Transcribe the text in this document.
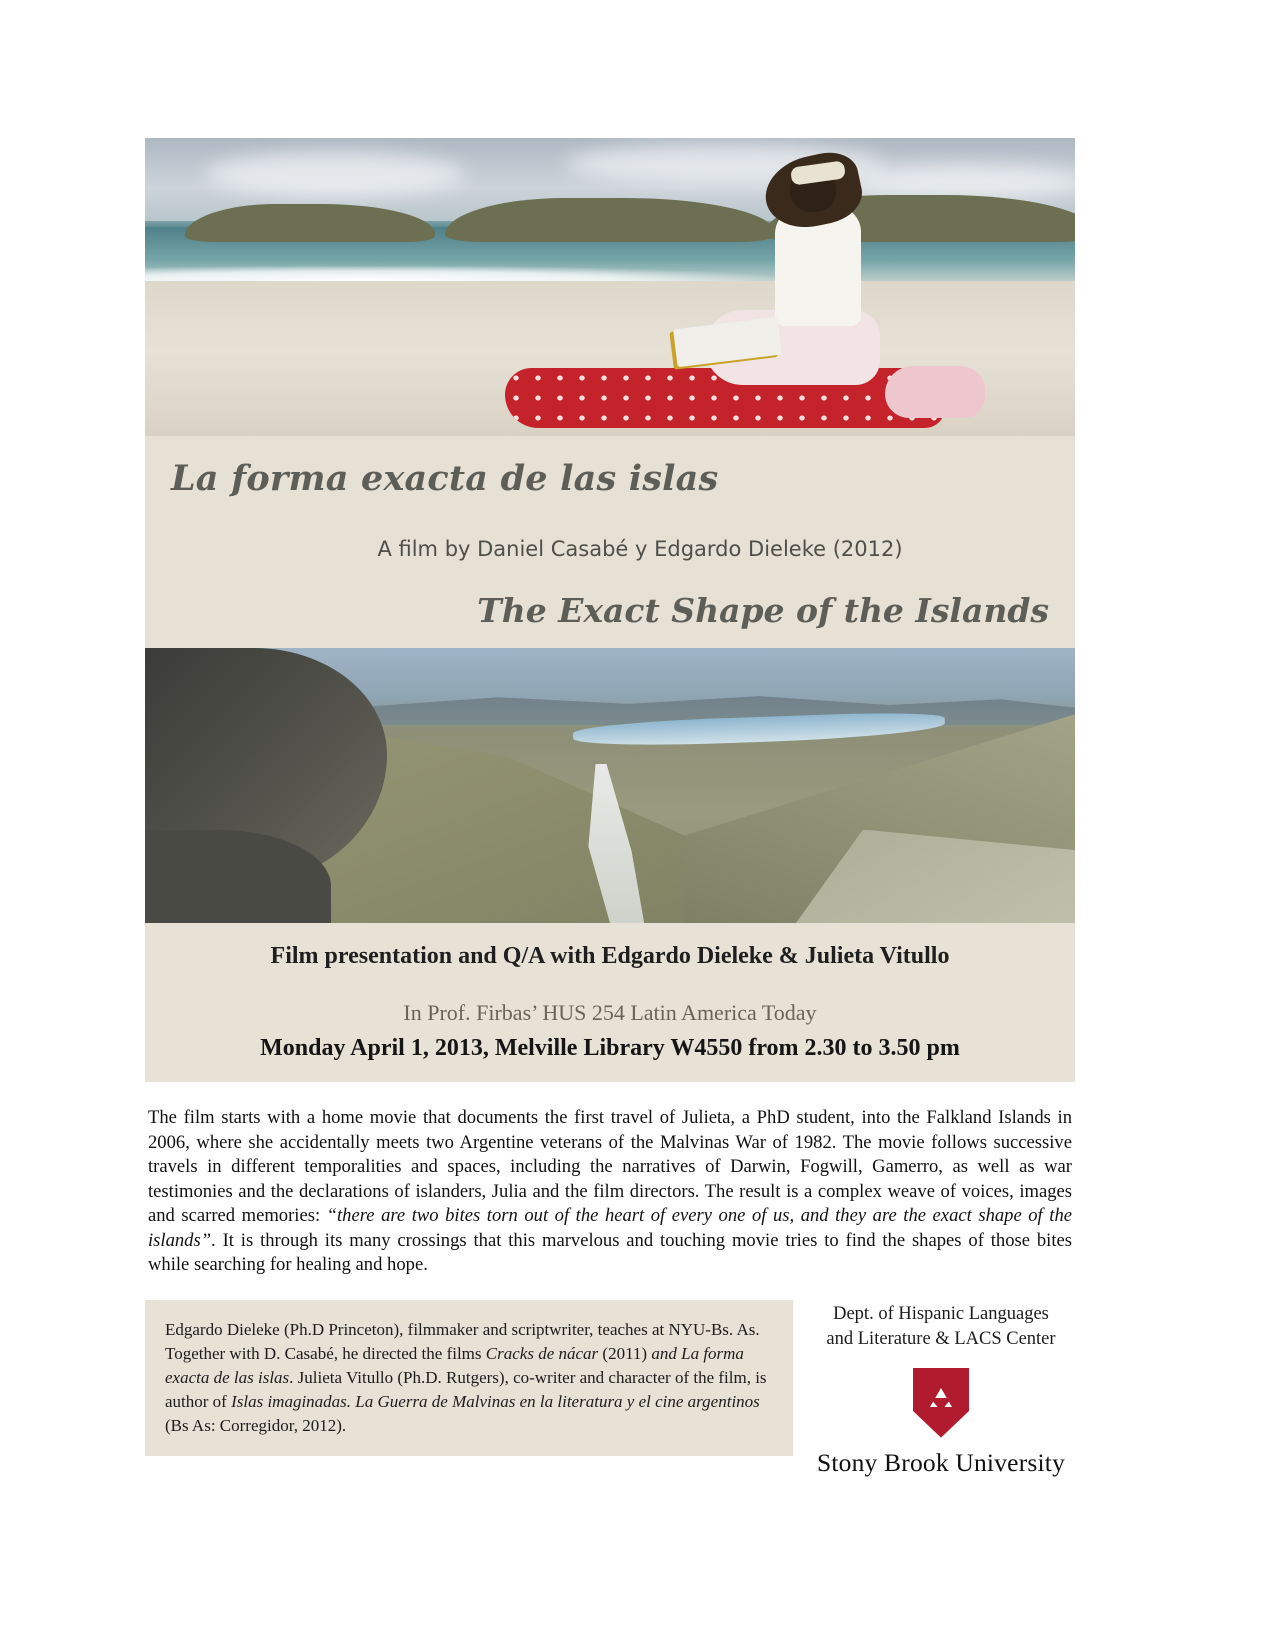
La forma exacta de las islas
A film by Daniel Casabé y Edgardo Dieleke (2012)
The Exact Shape of the Islands
Film presentation and Q/A with Edgardo Dieleke & Julieta Vitullo
In Prof. Firbas’ HUS 254 Latin America Today
Monday April 1, 2013, Melville Library W4550 from 2.30 to 3.50 pm
The film starts with a home movie that documents the first travel of Julieta, a PhD student, into the Falkland Islands in 2006, where she accidentally meets two Argentine veterans of the Malvinas War of 1982. The movie follows successive travels in different temporalities and spaces, including the narratives of Darwin, Fogwill, Gamerro, as well as war testimonies and the declarations of islanders, Julia and the film directors. The result is a complex weave of voices, images and scarred memories: “there are two bites torn out of the heart of every one of us, and they are the exact shape of the islands”. It is through its many crossings that this marvelous and touching movie tries to find the shapes of those bites while searching for healing and hope.
Edgardo Dieleke (Ph.D Princeton), filmmaker and scriptwriter, teaches at NYU-Bs. As. Together with D. Casabé, he directed the films Cracks de nácar (2011) and La forma exacta de las islas. Julieta Vitullo (Ph.D. Rutgers), co-writer and character of the film, is author of Islas imaginadas. La Guerra de Malvinas en la literatura y el cine argentinos (Bs As: Corregidor, 2012).
Dept. of Hispanic Languages
and Literature & LACS Center
Stony Brook University
